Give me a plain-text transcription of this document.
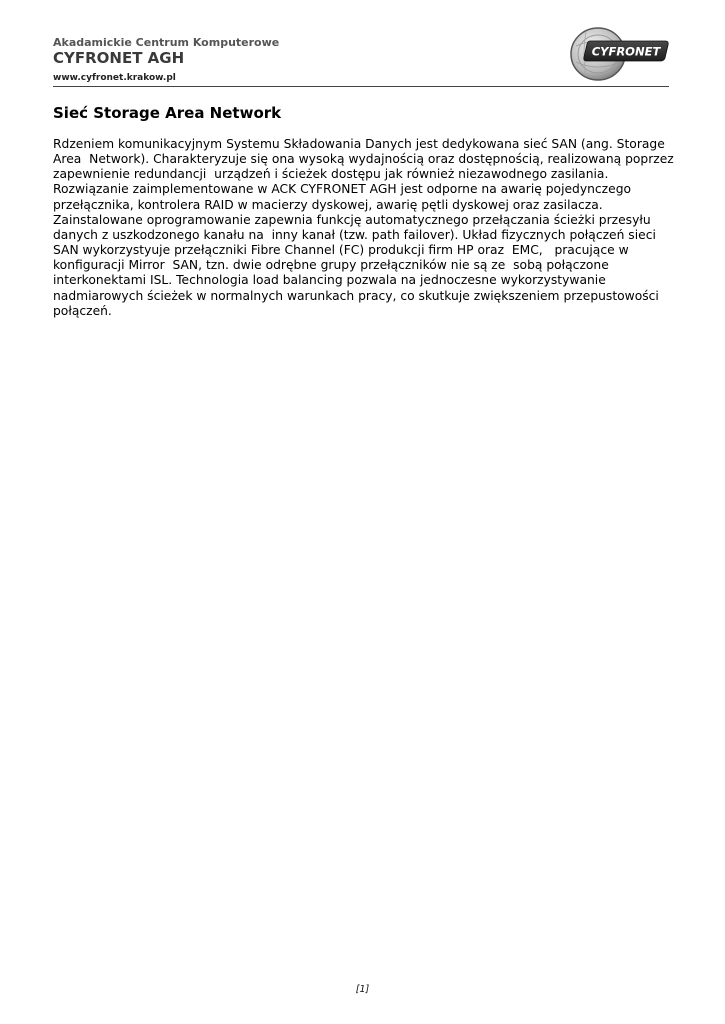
Akadamickie Centrum Komputerowe
CYFRONET AGH
www.cyfronet.krakow.pl
CYFRONET
Sieć Storage Area Network
Rdzeniem komunikacyjnym Systemu Składowania Danych jest dedykowana sieć SAN (ang. Storage
Area  Network). Charakteryzuje się ona wysoką wydajnością oraz dostępnością, realizowaną poprzez
zapewnienie redundancji  urządzeń i ścieżek dostępu jak również niezawodnego zasilania.
Rozwiązanie zaimplementowane w ACK CYFRONET AGH jest odporne na awarię pojedynczego
przełącznika, kontrolera RAID w macierzy dyskowej, awarię pętli dyskowej oraz zasilacza.
Zainstalowane oprogramowanie zapewnia funkcję automatycznego przełączania ścieżki przesyłu
danych z uszkodzonego kanału na  inny kanał (tzw. path failover). Układ fizycznych połączeń sieci
SAN wykorzystyuje przełączniki Fibre Channel (FC) produkcji firm HP oraz  EMC,   pracujące w
konfiguracji Mirror  SAN, tzn. dwie odrębne grupy przełączników nie są ze  sobą połączone
interkonektami ISL. Technologia load balancing pozwala na jednoczesne wykorzystywanie
nadmiarowych ścieżek w normalnych warunkach pracy, co skutkuje zwiększeniem przepustowości
połączeń.
[1]
